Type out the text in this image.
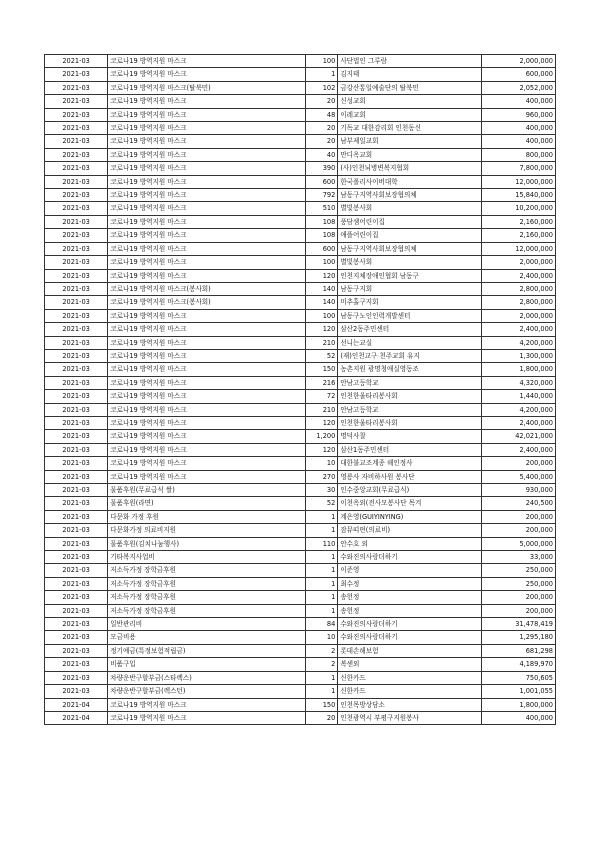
2021-03	코로나19 방역지원 마스크	100	사단법인 그루람	2,000,000
2021-03	코로나19 방역지원 마스크	1	김지태	600,000
2021-03	코로나19 방역지원 마스크(탈북민)	102	금강산통일예술단의 탈북민	2,052,000
2021-03	코로나19 방역지원 마스크	20	신성교회	400,000
2021-03	코로나19 방역지원 마스크	48	이레교회	960,000
2021-03	코로나19 방역지원 마스크	20	기독교 대한감리회 인천동신	400,000
2021-03	코로나19 방역지원 마스크	20	남부제일교회	400,000
2021-03	코로나19 방역지원 마스크	40	만디옥교회	800,000
2021-03	코로나19 방역지원 마스크	390	(사)인천뇌병변복지협회	7,800,000
2021-03	코로나19 방역지원 마스크	600	한국폴리사이버대학	12,000,000
2021-03	코로나19 방역지원 마스크	792	남동구지역사회보장협의체	15,840,000
2021-03	코로나19 방역지원 마스크	510	별빛봉사회	10,200,000
2021-03	코로나19 방역지원 마스크	108	풍담샘어린이집	2,160,000
2021-03	코로나19 방역지원 마스크	108	애플어린이집	2,160,000
2021-03	코로나19 방역지원 마스크	600	남동구지역사회보장협의체	12,000,000
2021-03	코로나19 방역지원 마스크	100	별빛봉사회	2,000,000
2021-03	코로나19 방역지원 마스크	120	인천지체장애인협회 남동구	2,400,000
2021-03	코로나19 방역지원 마스크(봉사회)	140	남동구지회	2,800,000
2021-03	코로나19 방역지원 마스크(봉사회)	140	미추홀구지회	2,800,000
2021-03	코로나19 방역지원 마스크	100	남동구노인인력개발센터	2,000,000
2021-03	코로나19 방역지원 마스크	120	삼산2동주민센터	2,400,000
2021-03	코로나19 방역지원 마스크	210	선니는교실	4,200,000
2021-03	코로나19 방역지원 마스크	52	(재)인천교구 천주교회 유지	1,300,000
2021-03	코로나19 방역지원 마스크	150	농촌지원 광명청애실영동조	1,800,000
2021-03	코로나19 방역지원 마스크	216	안남고등학교	4,320,000
2021-03	코로나19 방역지원 마스크	72	인천한울타리봉사회	1,440,000
2021-03	코로나19 방역지원 마스크	210	안남고등학교	4,200,000
2021-03	코로나19 방역지원 마스크	120	인천한울타리봉사회	2,400,000
2021-03	코로나19 방역지원 마스크	1,200	명덕사찰	42,021,000
2021-03	코로나19 방역지원 마스크	120	삼산1동주민센터	2,400,000
2021-03	코로나19 방역지원 마스크	10	대한불교조계종 해인정사	200,000
2021-03	코로나19 방역지원 마스크	270	영릉사 자비하사원 봉사단	5,400,000
2021-03	물품후원(무료급식 쌀)	30	인수중앙교회(무료급식)	930,000
2021-03	물품후원(라면)	52	이천옥외(전사모봉사단 목겨	240,500
2021-03	다문화 가정 후원	1	계은영(GUIYINYING)	200,000
2021-03	다문화가정 의료비지원	1	잠뮤띠떤(의료비)	200,000
2021-03	물품후원(김치나눔행사)	110	안수호 외	5,000,000
2021-03	기타복지사업비	1	수와진의사랑더하기	33,000
2021-03	저소득가정 장학금후원	1	이준영	250,000
2021-03	저소득가정 장학금후원	1	최수정	250,000
2021-03	저소득가정 장학금후원	1	송헌정	200,000
2021-03	저소득가정 장학금후원	1	송헌정	200,000
2021-03	일반관리비	84	수와진의사랑더하기	31,478,419
2021-03	모금비용	10	수와진의사랑더하기	1,295,180
2021-03	정기예금(특정보험적립금)	2	롯데손해보험	681,298
2021-03	비품구입	2	복센외	4,189,970
2021-03	차량운반구할부금(스타렉스)	1	신한카드	750,605
2021-03	차량운반구할부금(렉스턴)	1	신한카드	1,001,055
2021-04	코로나19 방역지원 마스크	150	인천목방상담소	1,800,000
2021-04	코로나19 방역지원 마스크	20	인천광역시 부평구지원봉사	400,000
